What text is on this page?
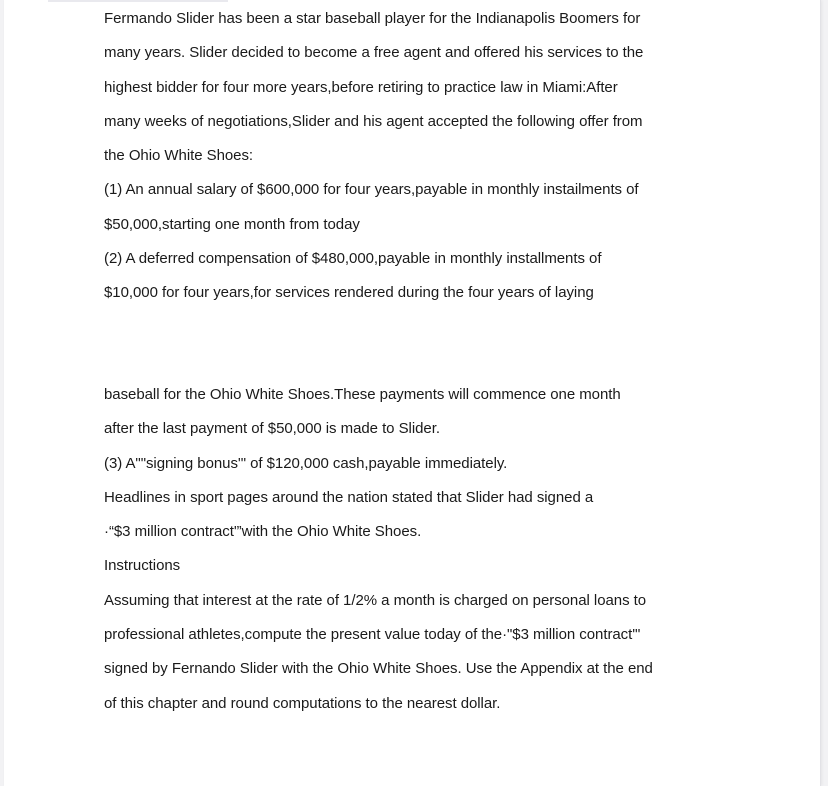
Fermando Slider has been a star baseball player for the Indianapolis Boomers for
many years. Slider decided to become a free agent and offered his services to the
highest bidder for four more years,before retiring to practice law in Miami:After
many weeks of negotiations,Slider and his agent accepted the following offer from
the Ohio White Shoes:
(1) An annual salary of $600,000 for four years,payable in monthly instailments of
$50,000,starting one month from today
(2) A deferred compensation of $480,000,payable in monthly installments of
$10,000 for four years,for services rendered during the four years of laying
baseball for the Ohio White Shoes.These payments will commence one month
after the last payment of $50,000 is made to Slider.
(3) A""signing bonus'" of $120,000 cash,payable immediately.
Headlines in sport pages around the nation stated that Slider had signed a
·“$3 million contract'”with the Ohio White Shoes.
Instructions
Assuming that interest at the rate of 1/2% a month is charged on personal loans to
professional athletes,compute the present value today of the·"$3 million contract'"
signed by Fernando Slider with the Ohio White Shoes. Use the Appendix at the end
of this chapter and round computations to the nearest dollar.
